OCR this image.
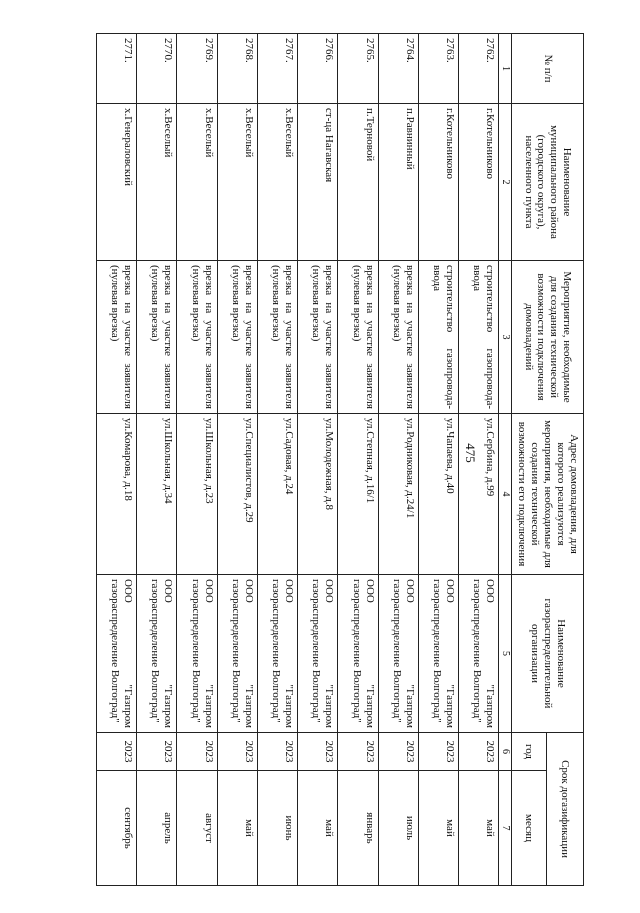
475
№ п/п	Наименование муниципального района (городского округа), населенного пункта	Мероприятие, необходимые для создания технической возможности подключения домовладений	Адрес домовладения, для которого реализуются мероприятия, необходимые для создания технической возможности его подключения	Наименование газораспределительной организации	Срок догазификации	
					год	месяц
1	2	3	4	5	6	7
2762.	г.Котельниково	строительство газопровода-ввода	ул.Сербина, д.99	ООО "Газпром газораспределение Волгоград"	2023	май
2763.	г.Котельниково	строительство газопровода-ввода	ул.Чапаева, д.40	ООО "Газпром газораспределение Волгоград"	2023	май
2764.	п.Равнинный	врезка на участке заявителя (нулевая врезка)	ул.Родниковая, д.24/1	ООО "Газпром газораспределение Волгоград"	2023	июль
2765.	п.Терновой	врезка на участке заявителя (нулевая врезка)	ул.Степная, д.16/1	ООО "Газпром газораспределение Волгоград"	2023	январь
2766.	ст-ца Нагавская	врезка на участке заявителя (нулевая врезка)	ул.Молодежная, д.8	ООО "Газпром газораспределение Волгоград"	2023	май
2767.	х.Веселый	врезка на участке заявителя (нулевая врезка)	ул.Садовая, д.24	ООО "Газпром газораспределение Волгоград"	2023	июнь
2768.	х.Веселый	врезка на участке заявителя (нулевая врезка)	ул.Специалистов, д.29	ООО "Газпром газораспределение Волгоград"	2023	май
2769.	х.Веселый	врезка на участке заявителя (нулевая врезка)	ул.Школьная, д.23	ООО "Газпром газораспределение Волгоград"	2023	август
2770.	х.Веселый	врезка на участке заявителя (нулевая врезка)	ул.Школьная, д.34	ООО "Газпром газораспределение Волгоград"	2023	апрель
2771.	х.Генераловский	врезка на участке заявителя (нулевая врезка)	ул.Комарова, д.18	ООО "Газпром газораспределение Волгоград"	2023	сентябрь
